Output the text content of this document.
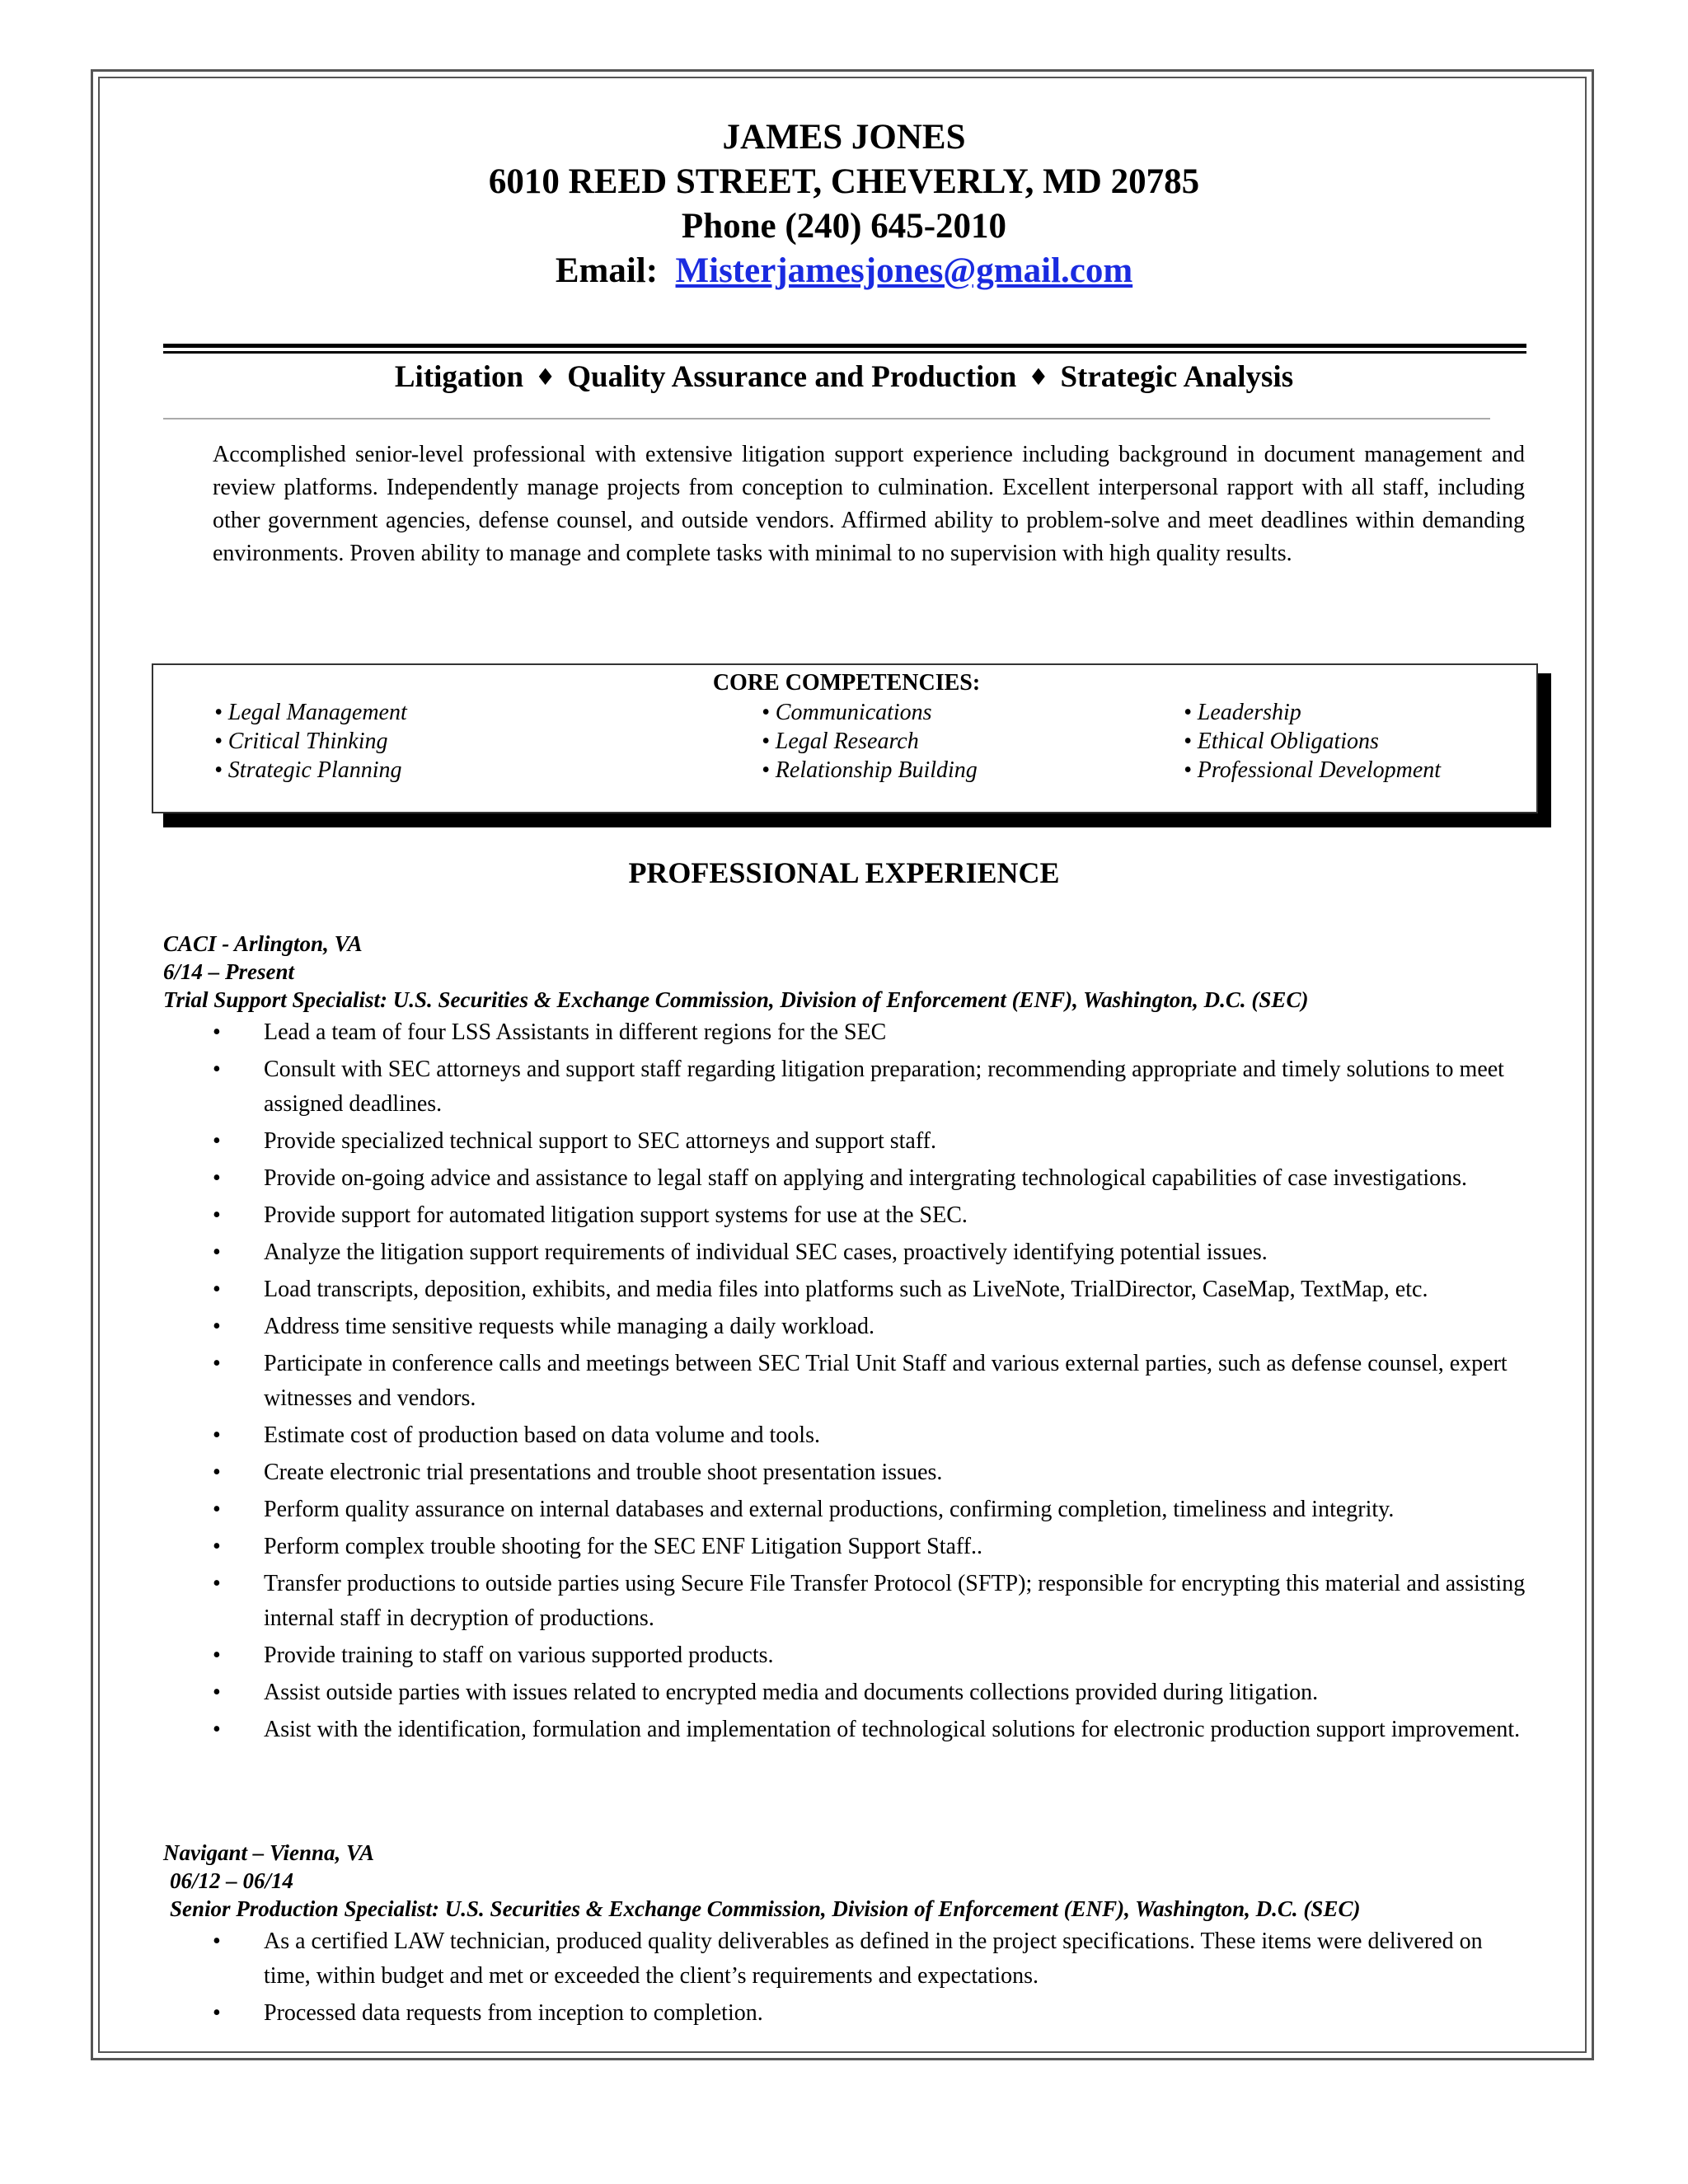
JAMES JONES
6010 REED STREET, CHEVERLY, MD 20785
Phone (240) 645-2010
Email: Misterjamesjones@gmail.com
Litigation ♦ Quality Assurance and Production ♦ Strategic Analysis

Accomplished senior-level professional with extensive litigation support experience including background in document management and review platforms. Independently manage projects from conception to culmination. Excellent interpersonal rapport with all staff, including other government agencies, defense counsel, and outside vendors. Affirmed ability to problem-solve and meet deadlines within demanding environments. Proven ability to manage and complete tasks with minimal to no supervision with high quality results.

CORE COMPETENCIES:
• Legal Management
• Critical Thinking
• Strategic Planning
• Communications
• Legal Research
• Relationship Building
• Leadership
• Ethical Obligations
• Professional Development
PROFESSIONAL EXPERIENCE
CACI - Arlington, VA
6/14 – Present
Trial Support Specialist: U.S. Securities & Exchange Commission, Division of Enforcement (ENF), Washington, D.C. (SEC)
• Lead a team of four LSS Assistants in different regions for the SEC
• Consult with SEC attorneys and support staff regarding litigation preparation; recommending appropriate and timely solutions to meet assigned deadlines.
• Provide specialized technical support to SEC attorneys and support staff.
• Provide on-going advice and assistance to legal staff on applying and intergrating technological capabilities of case investigations.
• Provide support for automated litigation support systems for use at the SEC.
• Analyze the litigation support requirements of individual SEC cases, proactively identifying potential issues.
• Load transcripts, deposition, exhibits, and media files into platforms such as LiveNote, TrialDirector, CaseMap, TextMap, etc.
• Address time sensitive requests while managing a daily workload.
• Participate in conference calls and meetings between SEC Trial Unit Staff and various external parties, such as defense counsel, expert witnesses and vendors.
• Estimate cost of production based on data volume and tools.
• Create electronic trial presentations and trouble shoot presentation issues.
• Perform quality assurance on internal databases and external productions, confirming completion, timeliness and integrity.
• Perform complex trouble shooting for the SEC ENF Litigation Support Staff..
• Transfer productions to outside parties using Secure File Transfer Protocol (SFTP); responsible for encrypting this material and assisting internal staff in decryption of productions.
• Provide training to staff on various supported products.
• Assist outside parties with issues related to encrypted media and documents collections provided during litigation.
• Asist with the identification, formulation and implementation of technological solutions for electronic production support improvement.
Navigant – Vienna, VA
06/12 – 06/14
Senior Production Specialist: U.S. Securities & Exchange Commission, Division of Enforcement (ENF), Washington, D.C. (SEC)
• As a certified LAW technician, produced quality deliverables as defined in the project specifications. These items were delivered on time, within budget and met or exceeded the client’s requirements and expectations.
• Processed data requests from inception to completion.
